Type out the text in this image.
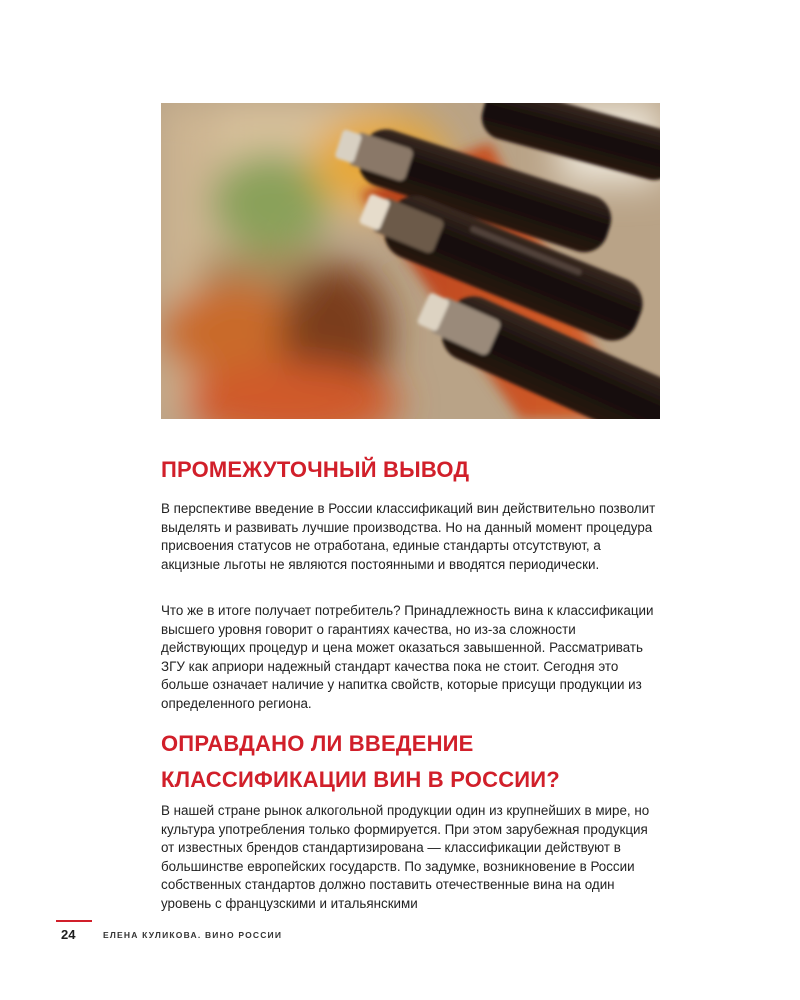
ПРОМЕЖУТОЧНЫЙ ВЫВОД

В перспективе введение в России классификаций вин действительно позволит выделять и развивать лучшие производства. Но на данный момент процедура присвоения статусов не отработана, единые стандарты отсутствуют, а акцизные льготы не являются постоянными и вводятся периодически.

Что же в итоге получает потребитель? Принадлежность вина к классификации высшего уровня говорит о гарантиях качества, но из-за сложности действующих процедур и цена может оказаться завышенной. Рассматривать ЗГУ как априори надежный стандарт качества пока не стоит. Сегодня это больше означает наличие у напитка свойств, которые присущи продукции из определенного региона.

ОПРАВДАНО ЛИ ВВЕДЕНИЕ КЛАССИФИКАЦИИ ВИН В РОССИИ?

В нашей стране рынок алкогольной продукции один из крупнейших в мире, но культура употребления только формируется. При этом зарубежная продукция от известных брендов стандартизирована — классификации действуют в большинстве европейских государств. По задумке, возникновение в России собственных стандартов должно поставить отечественные вина на один уровень с французскими и итальянскими

24	ЕЛЕНА КУЛИКОВА. ВИНО РОССИИ
